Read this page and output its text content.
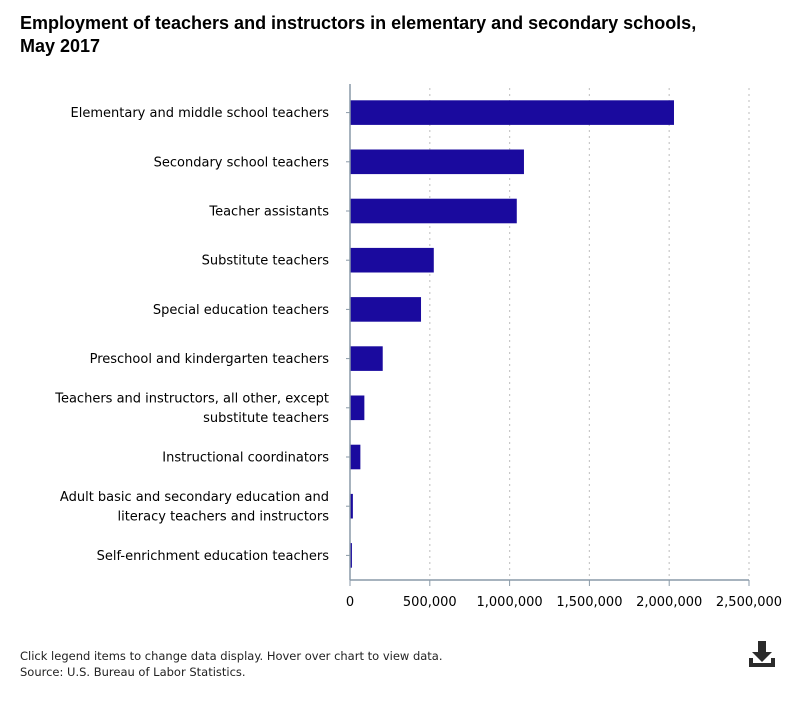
Employment of teachers and instructors in elementary and secondary schools, May 2017
Elementary and middle school teachers
Secondary school teachers
Teacher assistants
Substitute teachers
Special education teachers
Preschool and kindergarten teachers
Teachers and instructors, all other, except substitute teachers
Instructional coordinators
Adult basic and secondary education and literacy teachers and instructors
Self-enrichment education teachers
0	500,000 1,000,000 1,500,000 2,000,000 2,500,000
Click legend items to change data display. Hover over chart to view data.
Source: U.S. Bureau of Labor Statistics.
